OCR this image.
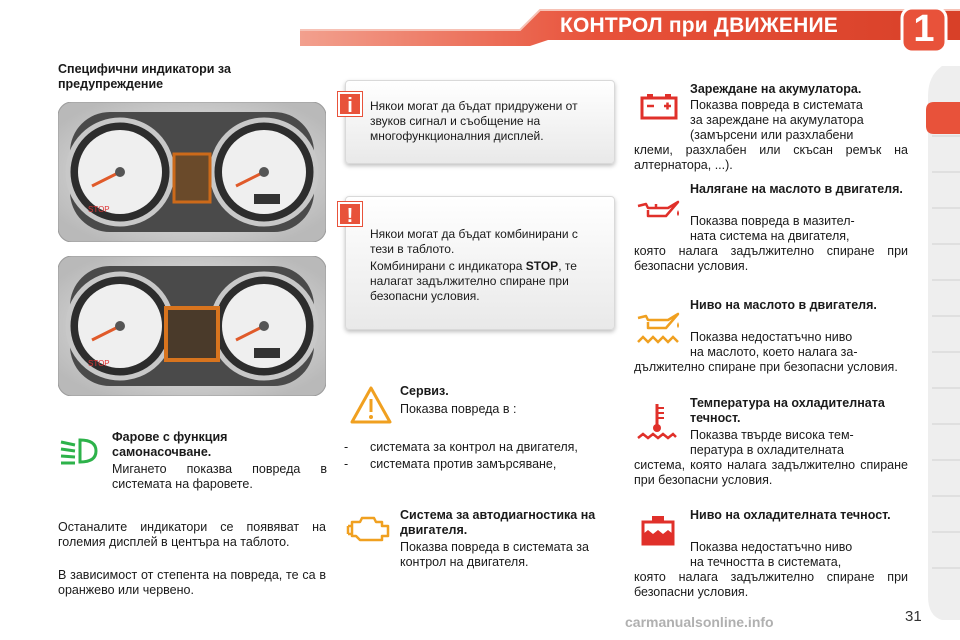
КОНТРОЛ при ДВИЖЕНИЕ	1
Специфични индикатори за предупреждение
STOP
STOP
Фарове с функция самонасочване.
Мигането показва повреда в системата на фаровете.
Останалите индикатори се появяват на големия дисплей в центъра на таблото.
В зависимост от степента на повреда, те са в оранжево или червено.
Някои могат да бъдат придружени от звуков сигнал и съобщение на многофункционалния дисплей.
i
Някои могат да бъдат комбинирани с тези в таблото.
Комбинирани с индикатора STOP, те налагат задължително спиране при безопасни условия.
!
Сервиз.
Показва повреда в :
-	системата за контрол на двигателя,
-	системата против замърсяване,
Система за автодиагностика на двигателя.
Показва повреда в системата за контрол на двигателя.
Зареждане на акумулатора.
Показва повреда в системата
за зареждане на акумулатора
(замърсени или разхлабени
клеми, разхлабен или скъсан ремък на алтернатора, ...).
Налягане на маслото в двигателя.
Показва повреда в мазител-
ната система на двигателя,
която налага задължително спиране при безопасни условия.
Ниво на маслото в двигателя.
Показва недостатъчно ниво
на маслото, което налага за-
дължително спиране при безопасни условия.
Температура на охладителната течност.
Показва твърде висока тем-
пература в охладителната
система, която налага задължително спиране при безопасни условия.
Ниво на охладителната течност.
Показва недостатъчно ниво
на течността в системата,
която налага задължително спиране при безопасни условия.
carmanualsonline.info	31
